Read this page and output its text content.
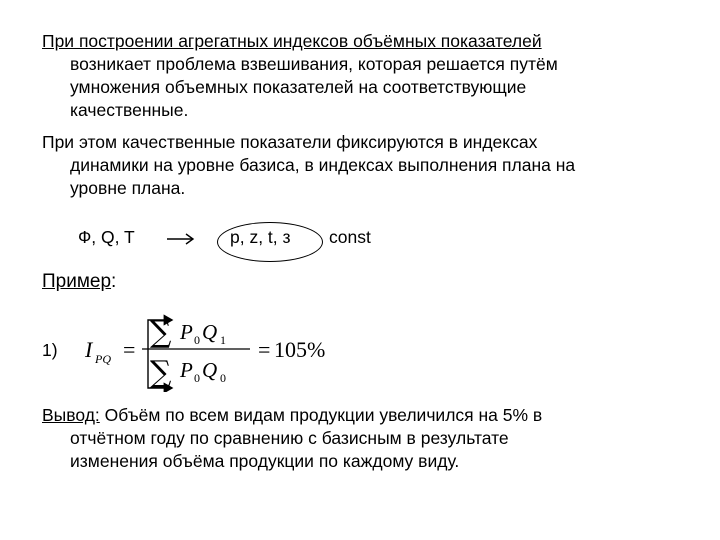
При построении агрегатных индексов объёмных показателей
возникает проблема взвешивания, которая решается путём
умножения объемных показателей на соответствующие
качественные.
При этом качественные показатели фиксируются в индексах
динамики на уровне базиса, в индексах выполнения плана на
уровне плана.
Ф, Q, T	p, z, t, з const
Пример:
1) I PQ = ∑ P 0 Q 1
∑ P 0 Q 0
= 105%
Вывод: Объём по всем видам продукции увеличился на 5% в
отчётном году по сравнению с базисным в результате
изменения объёма продукции по каждому виду.
